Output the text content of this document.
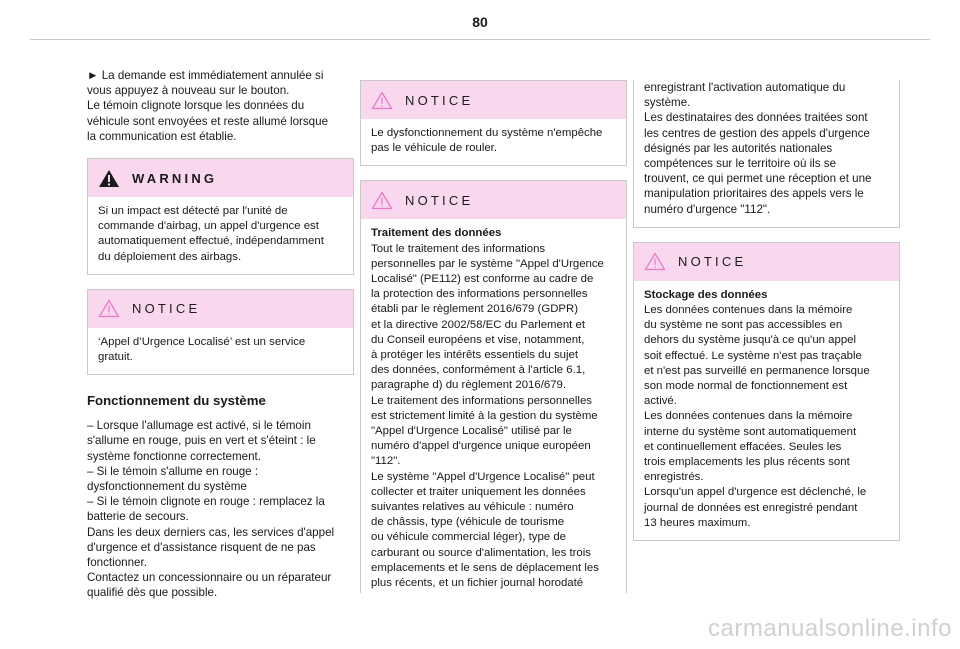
80

► La demande est immédiatement annulée si

vous appuyez à nouveau sur le bouton.

Le témoin clignote lorsque les données du

véhicule sont envoyées et reste allumé lorsque

la communication est établie.

WARNING

Si un impact est détecté par l'unité de

commande d'airbag, un appel d'urgence est

automatiquement effectué, indépendamment

du déploiement des airbags.

NOTICE

‘Appel d’Urgence Localisé’ est un service

gratuit.

Fonctionnement du système

– Lorsque l'allumage est activé, si le témoin

s'allume en rouge, puis en vert et s'éteint : le

système fonctionne correctement.

– Si le témoin s'allume en rouge :

dysfonctionnement du système

– Si le témoin clignote en rouge : remplacez la

batterie de secours.

Dans les deux derniers cas, les services d'appel

d'urgence et d'assistance risquent de ne pas

fonctionner.

Contactez un concessionnaire ou un réparateur

qualifié dès que possible.

NOTICE

Le dysfonctionnement du système n'empêche

pas le véhicule de rouler.

NOTICE

Traitement des données

Tout le traitement des informations

personnelles par le système "Appel d'Urgence

Localisé" (PE112) est conforme au cadre de

la protection des informations personnelles

établi par le règlement 2016/679 (GDPR)

et la directive 2002/58/EC du Parlement et

du Conseil européens et vise, notamment,

à protéger les intérêts essentiels du sujet

des données, conformément à l'article 6.1,

paragraphe d) du règlement 2016/679.

Le traitement des informations personnelles

est strictement limité à la gestion du système

"Appel d'Urgence Localisé" utilisé par le

numéro d'appel d'urgence unique européen

"112".

Le système "Appel d'Urgence Localisé" peut

collecter et traiter uniquement les données

suivantes relatives au véhicule : numéro

de châssis, type (véhicule de tourisme

ou véhicule commercial léger), type de

carburant ou source d'alimentation, les trois

emplacements et le sens de déplacement les

plus récents, et un fichier journal horodaté

enregistrant l'activation automatique du

système.

Les destinataires des données traitées sont

les centres de gestion des appels d'urgence

désignés par les autorités nationales

compétences sur le territoire où ils se

trouvent, ce qui permet une réception et une

manipulation prioritaires des appels vers le

numéro d'urgence "112".

NOTICE

Stockage des données

Les données contenues dans la mémoire

du système ne sont pas accessibles en

dehors du système jusqu'à ce qu'un appel

soit effectué. Le système n'est pas traçable

et n'est pas surveillé en permanence lorsque

son mode normal de fonctionnement est

activé.

Les données contenues dans la mémoire

interne du système sont automatiquement

et continuellement effacées. Seules les

trois emplacements les plus récents sont

enregistrés.

Lorsqu'un appel d'urgence est déclenché, le

journal de données est enregistré pendant

13 heures maximum.

carmanualsonline.info
